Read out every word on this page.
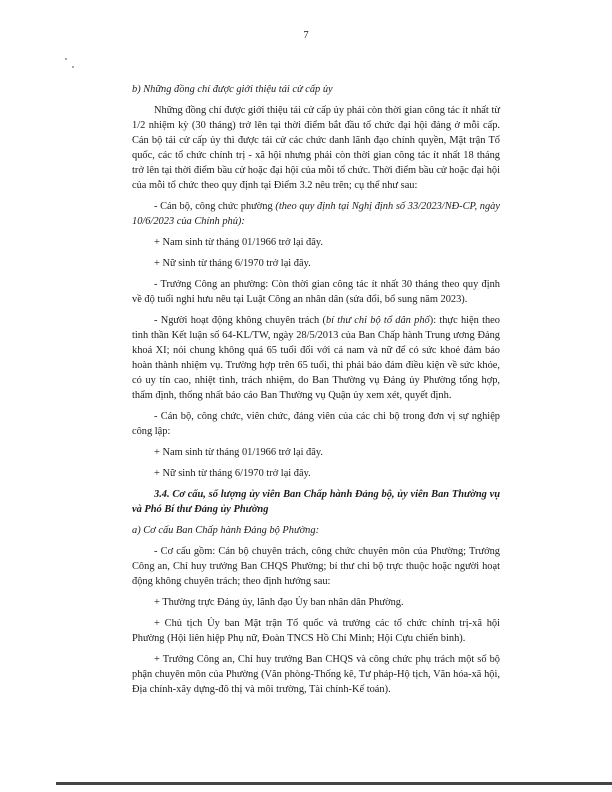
7

b) Những đồng chí được giới thiệu tái cử cấp ủy

Những đồng chí được giới thiệu tái cử cấp ủy phải còn thời gian công tác ít nhất từ 1/2 nhiệm kỳ (30 tháng) trở lên tại thời điểm bắt đầu tổ chức đại hội đảng ở mỗi cấp. Cán bộ tái cử cấp ủy thì được tái cử các chức danh lãnh đạo chính quyền, Mặt trận Tổ quốc, các tổ chức chính trị - xã hội nhưng phải còn thời gian công tác ít nhất 18 tháng trở lên tại thời điểm bầu cử hoặc đại hội của mỗi tổ chức. Thời điểm bầu cử hoặc đại hội của mỗi tổ chức theo quy định tại Điểm 3.2 nêu trên; cụ thể như sau:

- Cán bộ, công chức phường (theo quy định tại Nghị định số 33/2023/NĐ-CP, ngày 10/6/2023 của Chính phủ):

+ Nam sinh từ tháng 01/1966 trở lại đây.

+ Nữ sinh từ tháng 6/1970 trở lại đây.

- Trưởng Công an phường: Còn thời gian công tác ít nhất 30 tháng theo quy định về độ tuổi nghỉ hưu nêu tại Luật Công an nhân dân (sửa đổi, bổ sung năm 2023).

- Người hoạt động không chuyên trách (bí thư chi bộ tổ dân phố): thực hiện theo tinh thần Kết luận số 64-KL/TW, ngày 28/5/2013 của Ban Chấp hành Trung ương Đảng khoá XI; nói chung không quá 65 tuổi đối với cả nam và nữ để có sức khoẻ đảm bảo hoàn thành nhiệm vụ. Trường hợp trên 65 tuổi, thì phải bảo đảm điều kiện về sức khỏe, có uy tín cao, nhiệt tình, trách nhiệm, do Ban Thường vụ Đảng ủy Phường tổng hợp, thẩm định, thống nhất báo cáo Ban Thường vụ Quận ủy xem xét, quyết định.

- Cán bộ, công chức, viên chức, đảng viên của các chi bộ trong đơn vị sự nghiệp công lập:

+ Nam sinh từ tháng 01/1966 trở lại đây.

+ Nữ sinh từ tháng 6/1970 trở lại đây.

3.4. Cơ cấu, số lượng ủy viên Ban Chấp hành Đảng bộ, ủy viên Ban Thường vụ và Phó Bí thư Đảng ủy Phường

a) Cơ cấu Ban Chấp hành Đảng bộ Phường:

- Cơ cấu gồm: Cán bộ chuyên trách, công chức chuyên môn của Phường; Trưởng Công an, Chỉ huy trưởng Ban CHQS Phường; bí thư chi bộ trực thuộc hoặc người hoạt động không chuyên trách; theo định hướng sau:

+ Thường trực Đảng ủy, lãnh đạo Ủy ban nhân dân Phường.

+ Chủ tịch Ủy ban Mặt trận Tổ quốc và trưởng các tổ chức chính trị-xã hội Phường (Hội liên hiệp Phụ nữ, Đoàn TNCS Hồ Chí Minh; Hội Cựu chiến binh).

+ Trưởng Công an, Chỉ huy trưởng Ban CHQS và công chức phụ trách một số bộ phận chuyên môn của Phường (Văn phòng-Thống kê, Tư pháp-Hộ tịch, Văn hóa-xã hội, Địa chính-xây dựng-đô thị và môi trường, Tài chính-Kế toán).
